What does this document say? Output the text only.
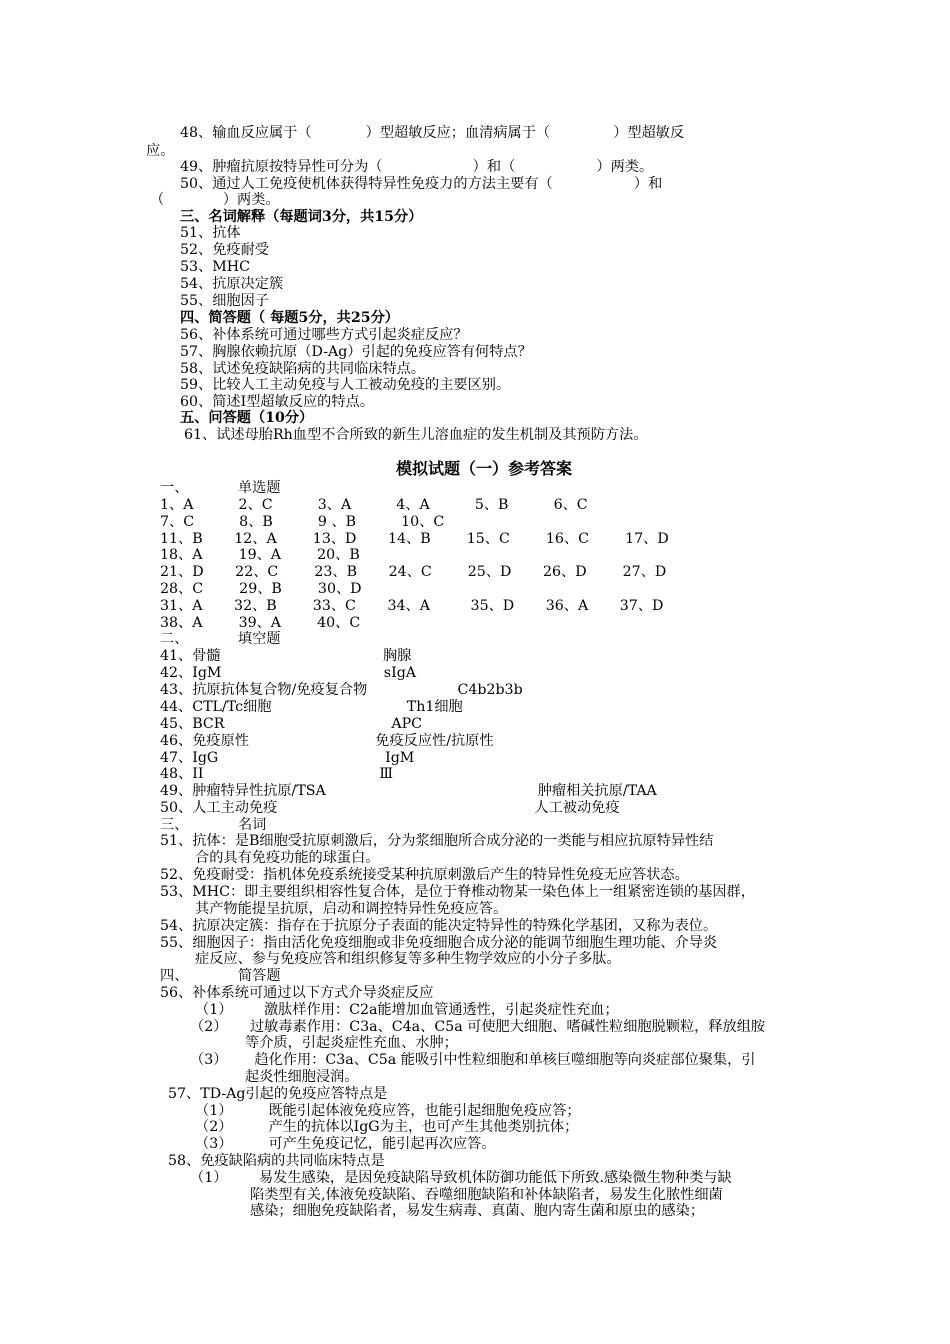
48、输血反应属于（            ）型超敏反应；血清病属于（              ）型超敏反
应。
49、肿瘤抗原按特异性可分为（                    ）和（                  ）两类。
50、通过人工免疫使机体获得特异性免疫力的方法主要有（                  ）和
（             ）两类。
三、名词解释（每题词3分，共15分）
51、抗体
52、免疫耐受
53、MHC
54、抗原决定簇
55、细胞因子
四、简答题（ 每题5分，共25分）
56、补体系统可通过哪些方式引起炎症反应？
57、胸腺依赖抗原（D-Ag）引起的免疫应答有何特点？
58、试述免疫缺陷病的共同临床特点。
59、比较人工主动免疫与人工被动免疫的主要区别。
60、简述Ⅰ型超敏反应的特点。
五、问答题（10分）
61、试述母胎Rh血型不合所致的新生儿溶血症的发生机制及其预防方法。
模拟试题（一）参考答案
一、           单选题
1、A          2、C          3、A          4、A          5、B          6、C
7、C          8、B          9 、B          10、C
11、B       12、A        13、D       14、B        15、C        16、C        17、D
18、A        19、A        20、B
21、D       22、C        23、B       24、C        25、D       26、D        27、D
28、C        29、B        30、D
31、A       32、B        33、C       34、A         35、D       36、A       37、D
38、A        39、A        40、C
二、           填空题
41、骨髓                                    胸腺
42、IgM                                    sIgA
43、抗原抗体复合物/免疫复合物                    C4b2b3b
44、CTL/Tc细胞                              Th1细胞
45、BCR                                     APC
46、免疫原性                            免疫反应性/抗原性
47、IgG                                     IgM
48、II                                       Ⅲ
49、肿瘤特异性抗原/TSA                                               肿瘤相关抗原/TAA
50、人工主动免疫                                                         人工被动免疫
三、           名词
51、抗体：是B细胞受抗原刺激后，分为浆细胞所合成分泌的一类能与相应抗原特异性结
合的具有免疫功能的球蛋白。
52、免疫耐受：指机体免疫系统接受某种抗原刺激后产生的特异性免疫无应答状态。
53、MHC：即主要组织相容性复合体，是位于脊椎动物某一染色体上一组紧密连锁的基因群，
其产物能提呈抗原，启动和调控特异性免疫应答。
54、抗原决定簇：指存在于抗原分子表面的能决定特异性的特殊化学基团，又称为表位。
55、细胞因子：指由活化免疫细胞或非免疫细胞合成分泌的能调节细胞生理功能、介导炎
症反应、参与免疫应答和组织修复等多种生物学效应的小分子多肽。
四、           简答题
56、补体系统可通过以下方式介导炎症反应
（1）       激肽样作用：C2a能增加血管通透性，引起炎症性充血；
（2）     过敏毒素作用：C3a、C4a、C5a 可使肥大细胞、嗜碱性粒细胞脱颗粒，释放组胺
等介质，引起炎症性充血、水肿；
（3）      趋化作用：C3a、C5a 能吸引中性粒细胞和单核巨噬细胞等向炎症部位聚集，引
起炎性细胞浸润。
57、TD-Ag引起的免疫应答特点是
（1）        既能引起体液免疫应答，也能引起细胞免疫应答；
（2）        产生的抗体以IgG为主，也可产生其他类别抗体；
（3）        可产生免疫记忆，能引起再次应答。
58、免疫缺陷病的共同临床特点是
（1）       易发生感染，是因免疫缺陷导致机体防御功能低下所致.感染微生物种类与缺
陷类型有关,体液免疫缺陷、吞噬细胞缺陷和补体缺陷者，易发生化脓性细菌
感染；细胞免疫缺陷者，易发生病毒、真菌、胞内寄生菌和原虫的感染；
